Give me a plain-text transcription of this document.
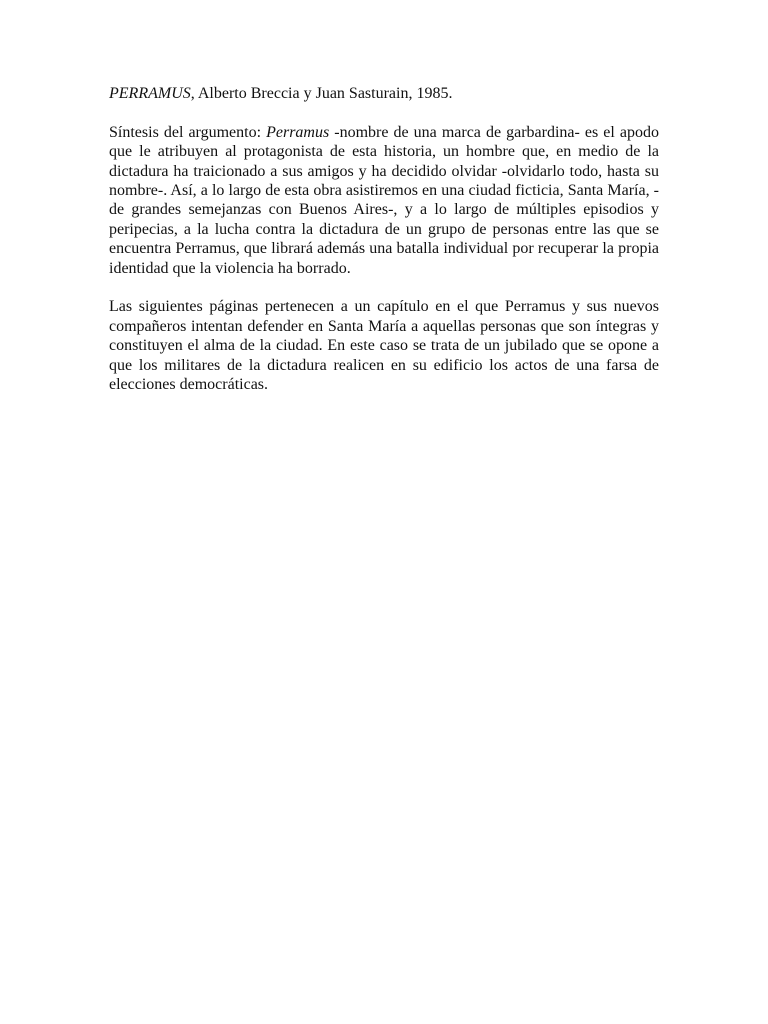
PERRAMUS, Alberto Breccia y Juan Sasturain, 1985.

Síntesis del argumento: Perramus -nombre de una marca de garbardina- es el apodo que le atribuyen al protagonista de esta historia, un hombre que, en medio de la dictadura ha traicionado a sus amigos y ha decidido olvidar -olvidarlo todo, hasta su nombre-. Así, a lo largo de esta obra asistiremos en una ciudad ficticia, Santa María, -de grandes semejanzas con Buenos Aires-, y a lo largo de múltiples episodios y peripecias, a la lucha contra la dictadura de un grupo de personas entre las que se encuentra Perramus, que librará además una batalla individual por recuperar la propia identidad que la violencia ha borrado.

Las siguientes páginas pertenecen a un capítulo en el que Perramus y sus nuevos compañeros intentan defender en Santa María a aquellas personas que son íntegras y constituyen el alma de la ciudad. En este caso se trata de un jubilado que se opone a que los militares de la dictadura realicen en su edificio los actos de una farsa de elecciones democráticas.
